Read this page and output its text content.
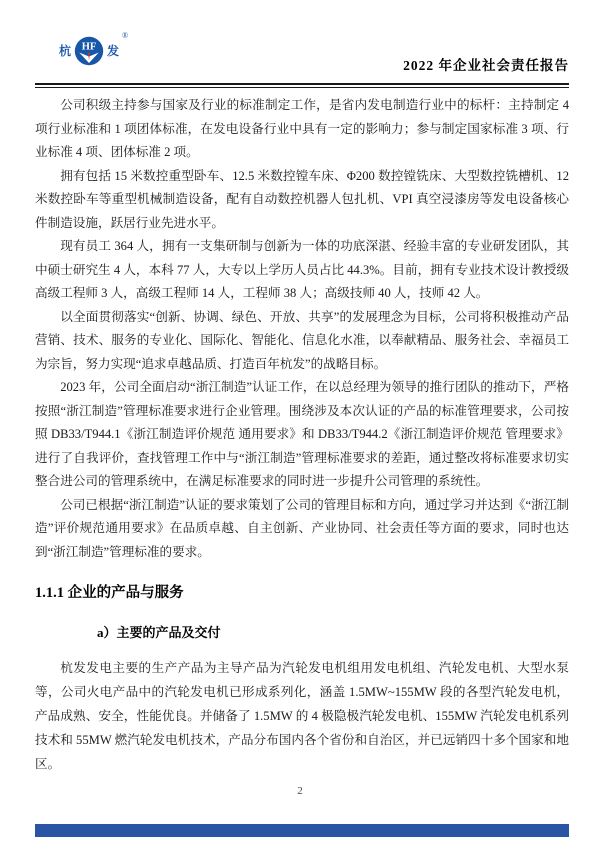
杭 HF 发
®
2022 年企业社会责任报告

公司积级主持参与国家及行业的标准制定工作，是省内发电制造行业中的标杆：主持制定 4 项行业标准和 1 项团体标准，在发电设备行业中具有一定的影响力；参与制定国家标准 3 项、行业标准 4 项、团体标准 2 项。

拥有包括 15 米数控重型卧车、12.5 米数控镗车床、Φ200 数控镗铣床、大型数控铣槽机、12 米数控卧车等重型机械制造设备，配有自动数控机器人包扎机、VPI 真空浸漆房等发电设备核心件制造设施，跃居行业先进水平。

现有员工 364 人，拥有一支集研制与创新为一体的功底深湛、经验丰富的专业研发团队，其中硕士研究生 4 人，本科 77 人，大专以上学历人员占比 44.3%。目前，拥有专业技术设计教授级高级工程师 3 人，高级工程师 14 人，工程师 38 人；高级技师 40 人，技师 42 人。

以全面贯彻落实“创新、协调、绿色、开放、共享”的发展理念为目标，公司将积极推动产品营销、技术、服务的专业化、国际化、智能化、信息化水准，以奉献精品、服务社会、幸福员工为宗旨，努力实现“追求卓越品质、打造百年杭发”的战略目标。

2023 年，公司全面启动“浙江制造”认证工作，在以总经理为领导的推行团队的推动下，严格按照“浙江制造”管理标准要求进行企业管理。围绕涉及本次认证的产品的标准管理要求，公司按照 DB33/T944.1《浙江制造评价规范 通用要求》和 DB33/T944.2《浙江制造评价规范 管理要求》进行了自我评价，查找管理工作中与“浙江制造”管理标准要求的差距，通过整改将标准要求切实整合进公司的管理系统中，在满足标准要求的同时进一步提升公司管理的系统性。

公司已根据“浙江制造”认证的要求策划了公司的管理目标和方向，通过学习并达到《“浙江制造”评价规范通用要求》在品质卓越、自主创新、产业协同、社会责任等方面的要求，同时也达到“浙江制造”管理标准的要求。

1.1.1 企业的产品与服务
a）主要的产品及交付

杭发发电主要的生产产品为主导产品为汽轮发电机组用发电机组、汽轮发电机、大型水泵等，公司火电产品中的汽轮发电机已形成系列化，涵盖 1.5MW~155MW 段的各型汽轮发电机，产品成熟、安全，性能优良。并储备了 1.5MW 的 4 极隐极汽轮发电机、155MW 汽轮发电机系列技术和 55MW 燃汽轮发电机技术，产品分布国内各个省份和自治区，并已远销四十多个国家和地区。

2
